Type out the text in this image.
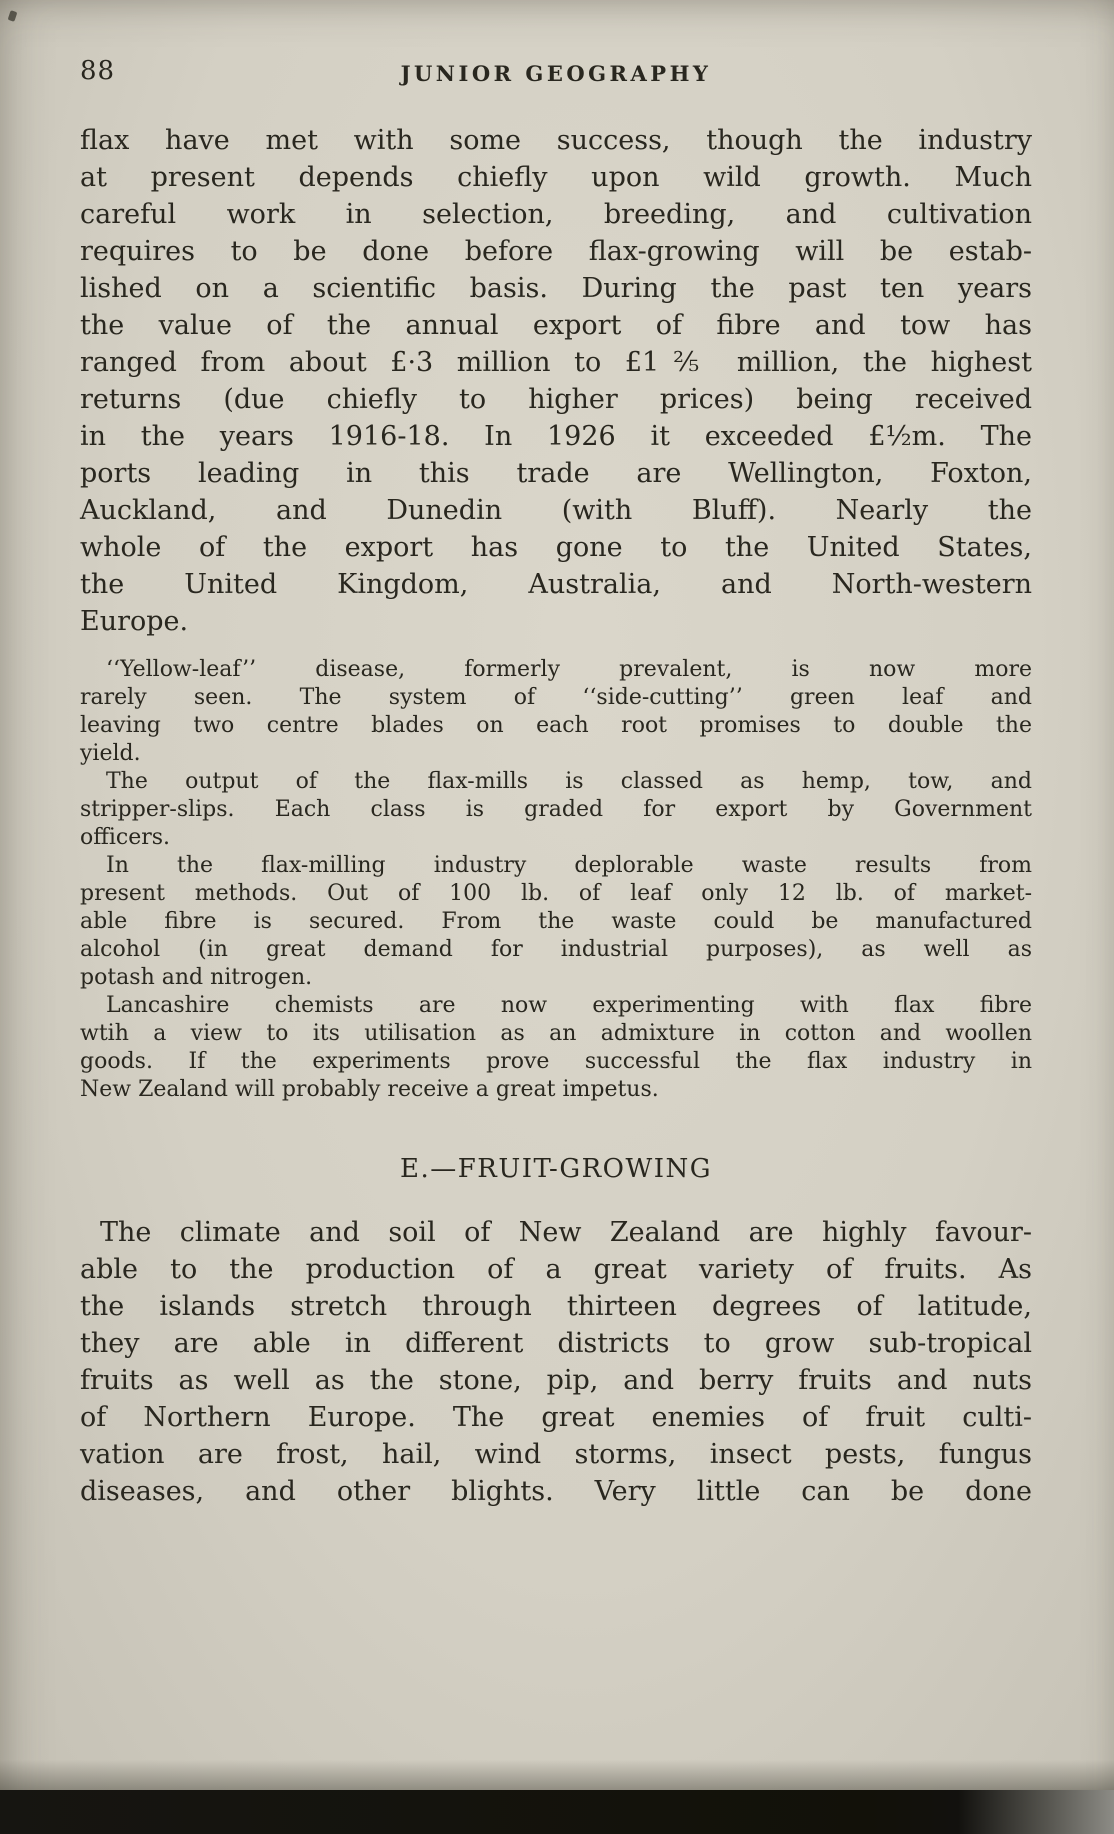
88	JUNIOR GEOGRAPHY
flax have met with some success, though the industry
at present depends chiefly upon wild growth. Much
careful work in selection, breeding, and cultivation
requires to be done before flax-growing will be estab-
lished on a scientific basis. During the past ten years
the value of the annual export of fibre and tow has
ranged from about £·3 million to £1⅖ million, the highest
returns (due chiefly to higher prices) being received
in the years 1916-18. In 1926 it exceeded £½m. The
ports leading in this trade are Wellington, Foxton,
Auckland, and Dunedin (with Bluff). Nearly the
whole of the export has gone to the United States,
the United Kingdom, Australia, and North-western
Europe.
‘‘Yellow-leaf’’ disease, formerly prevalent, is now more
rarely seen. The system of ‘‘side-cutting’’ green leaf and
leaving two centre blades on each root promises to double the
yield.
The output of the flax-mills is classed as hemp, tow, and
stripper-slips. Each class is graded for export by Government
officers.
In the flax-milling industry deplorable waste results from
present methods. Out of 100 lb. of leaf only 12 lb. of market-
able fibre is secured. From the waste could be manufactured
alcohol (in great demand for industrial purposes), as well as
potash and nitrogen.
Lancashire chemists are now experimenting with flax fibre
wtih a view to its utilisation as an admixture in cotton and woollen
goods. If the experiments prove successful the flax industry in
New Zealand will probably receive a great impetus.
E.—FRUIT-GROWING
The climate and soil of New Zealand are highly favour-
able to the production of a great variety of fruits. As
the islands stretch through thirteen degrees of latitude,
they are able in different districts to grow sub-tropical
fruits as well as the stone, pip, and berry fruits and nuts
of Northern Europe. The great enemies of fruit culti-
vation are frost, hail, wind storms, insect pests, fungus
diseases, and other blights. Very little can be done
